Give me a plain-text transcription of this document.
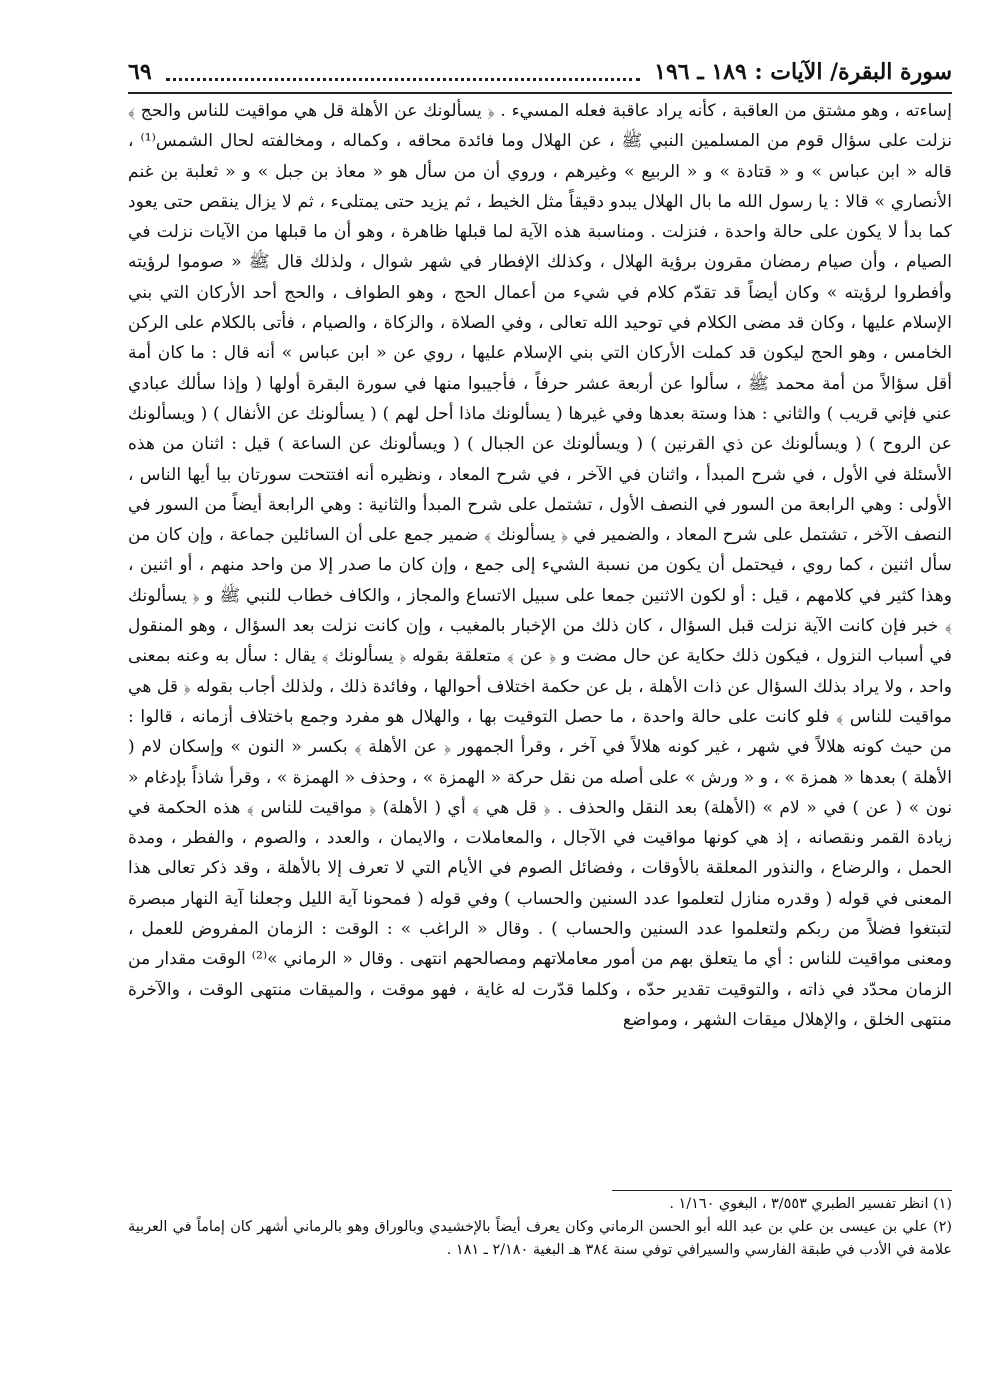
سورة البقرة/ الآيات : ١٨٩ ـ ١٩٦
٦٩

إساءته ، وهو مشتق من العاقبة ، كأنه يراد عاقبة فعله المسيء . ﴿ يسألونك عن الأهلة قل هي مواقيت للناس والحج ﴾ نزلت على سؤال قوم من المسلمين النبي ﷺ ، عن الهلال وما فائدة محاقه ، وكماله ، ومخالفته لحال الشمس⁽¹⁾ ، قاله « ابن عباس » و « قتادة » و « الربيع » وغيرهم ، وروي أن من سأل هو « معاذ بن جبل » و « ثعلبة بن غنم الأنصاري » قالا : يا رسول الله ما بال الهلال يبدو دقيقاً مثل الخيط ، ثم يزيد حتى يمتلىء ، ثم لا يزال ينقص حتى يعود كما بدأ لا يكون على حالة واحدة ، فنزلت . ومناسبة هذه الآية لما قبلها ظاهرة ، وهو أن ما قبلها من الآيات نزلت في الصيام ، وأن صيام رمضان مقرون برؤية الهلال ، وكذلك الإفطار في شهر شوال ، ولذلك قال ﷺ « صوموا لرؤيته وأفطروا لرؤيته » وكان أيضاً قد تقدّم كلام في شيء من أعمال الحج ، وهو الطواف ، والحج أحد الأركان التي بني الإسلام عليها ، وكان قد مضى الكلام في توحيد الله تعالى ، وفي الصلاة ، والزكاة ، والصيام ، فأتى بالكلام على الركن الخامس ، وهو الحج ليكون قد كملت الأركان التي بني الإسلام عليها ، روي عن « ابن عباس » أنه قال : ما كان أمة أقل سؤالاً من أمة محمد ﷺ ، سألوا عن أربعة عشر حرفاً ، فأجيبوا منها في سورة البقرة أولها ( وإذا سألك عبادي عني فإني قريب ) والثاني : هذا وستة بعدها وفي غيرها ( يسألونك ماذا أحل لهم ) ( يسألونك عن الأنفال ) ( ويسألونك عن الروح ) ( ويسألونك عن ذي القرنين ) ( ويسألونك عن الجبال ) ( ويسألونك عن الساعة ) قيل : اثنان من هذه الأسئلة في الأول ، في شرح المبدأ ، واثنان في الآخر ، في شرح المعاد ، ونظيره أنه افتتحت سورتان بيا أيها الناس ، الأولى : وهي الرابعة من السور في النصف الأول ، تشتمل على شرح المبدأ والثانية : وهي الرابعة أيضاً من السور في النصف الآخر ، تشتمل على شرح المعاد ، والضمير في ﴿ يسألونك ﴾ ضمير جمع على أن السائلين جماعة ، وإن كان من سأل اثنين ، كما روي ، فيحتمل أن يكون من نسبة الشيء إلى جمع ، وإن كان ما صدر إلا من واحد منهم ، أو اثنين ، وهذا كثير في كلامهم ، قيل : أو لكون الاثنين جمعا على سبيل الاتساع والمجاز ، والكاف خطاب للنبي ﷺ و ﴿ يسألونك ﴾ خبر فإن كانت الآية نزلت قبل السؤال ، كان ذلك من الإخبار بالمغيب ، وإن كانت نزلت بعد السؤال ، وهو المنقول في أسباب النزول ، فيكون ذلك حكاية عن حال مضت و ﴿ عن ﴾ متعلقة بقوله ﴿ يسألونك ﴾ يقال : سأل به وعنه بمعنى واحد ، ولا يراد بذلك السؤال عن ذات الأهلة ، بل عن حكمة اختلاف أحوالها ، وفائدة ذلك ، ولذلك أجاب بقوله ﴿ قل هي مواقيت للناس ﴾ فلو كانت على حالة واحدة ، ما حصل التوقيت بها ، والهلال هو مفرد وجمع باختلاف أزمانه ، قالوا : من حيث كونه هلالاً في شهر ، غير كونه هلالاً في آخر ، وقرأ الجمهور ﴿ عن الأهلة ﴾ بكسر « النون » وإسكان لام ( الأهلة ) بعدها « همزة » ، و « ورش » على أصله من نقل حركة « الهمزة » ، وحذف « الهمزة » ، وقرأ شاذاً بإدغام « نون » ( عن ) في « لام » (الأهلة) بعد النقل والحذف . ﴿ قل هي ﴾ أي ( الأهلة) ﴿ مواقيت للناس ﴾ هذه الحكمة في زيادة القمر ونقصانه ، إذ هي كونها مواقيت في الآجال ، والمعاملات ، والايمان ، والعدد ، والصوم ، والفطر ، ومدة الحمل ، والرضاع ، والنذور المعلقة بالأوقات ، وفضائل الصوم في الأيام التي لا تعرف إلا بالأهلة ، وقد ذكر تعالى هذا المعنى في قوله ( وقدره منازل لتعلموا عدد السنين والحساب ) وفي قوله ( فمحونا آية الليل وجعلنا آية النهار مبصرة لتبتغوا فضلاً من ربكم ولتعلموا عدد السنين والحساب ) . وقال « الراغب » : الوقت : الزمان المفروض للعمل ، ومعنى مواقيت للناس : أي ما يتعلق بهم من أمور معاملاتهم ومصالحهم انتهى . وقال « الرماني »⁽²⁾ الوقت مقدار من الزمان محدّد في ذاته ، والتوقيت تقدير حدّه ، وكلما قدّرت له غاية ، فهو موقت ، والميقات منتهى الوقت ، والآخرة منتهى الخلق ، والإهلال ميقات الشهر ، ومواضع

(١) انظر تفسير الطبري ٣/٥٥٣ ، البغوي ١/١٦٠ .
(٢) علي بن عيسى بن علي بن عبد الله أبو الحسن الرماني وكان يعرف أيضاً بالإخشيدي وبالوراق وهو بالرماني أشهر كان إماماً في العربية علامة في الأدب في طبقة الفارسي والسيرافي توفي سنة ٣٨٤ هـ البغية ٢/١٨٠ ـ ١٨١ .
